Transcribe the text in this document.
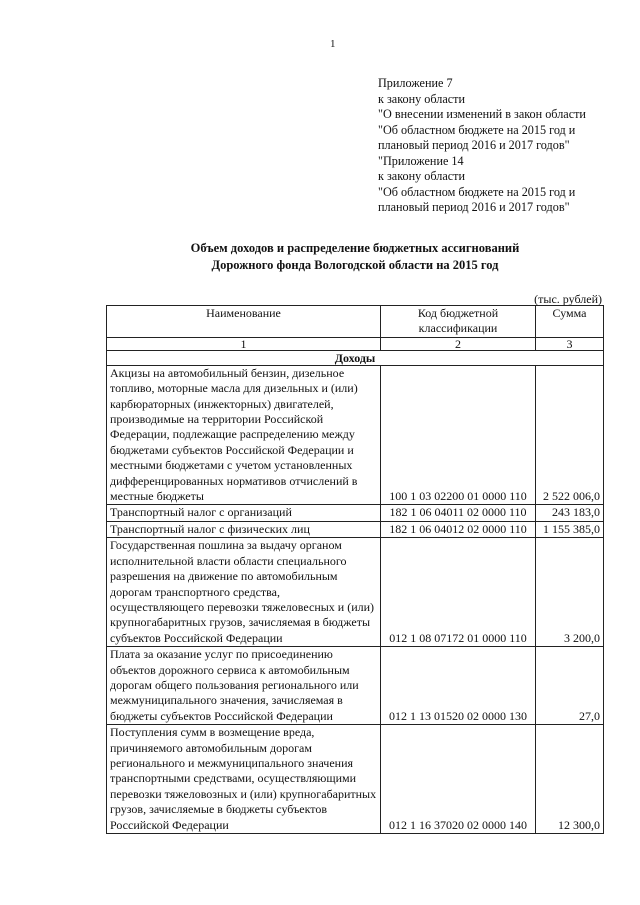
1
Приложение 7
к закону области
"О внесении изменений в закон области
"Об областном бюджете на 2015 год и
плановый период 2016 и 2017 годов"
"Приложение 14
к закону области
"Об областном бюджете на 2015 год и
плановый период 2016 и 2017 годов"
Объем доходов и распределение бюджетных ассигнований
Дорожного фонда Вологодской области на 2015 год
(тыс. рублей)
Наименование	Код бюджетной классификации	Сумма
1	2	3
Доходы		
Акцизы на автомобильный бензин, дизельное топливо, моторные масла для дизельных и (или) карбюраторных (инжекторных) двигателей, производимые на территории Российской Федерации, подлежащие распределению между бюджетами субъектов Российской Федерации и местными бюджетами с учетом установленных дифференцированных нормативов отчислений в местные бюджеты	100 1 03 02200 01 0000 110	2 522 006,0
Транспортный налог с организаций	182 1 06 04011 02 0000 110	243 183,0
Транспортный налог с физических лиц	182 1 06 04012 02 0000 110	1 155 385,0
Государственная пошлина за выдачу органом исполнительной власти области специального разрешения на движение по автомобильным дорогам транспортного средства, осуществляющего перевозки тяжеловесных и (или) крупногабаритных грузов, зачисляемая в бюджеты субъектов Российской Федерации	012 1 08 07172 01 0000 110	3 200,0
Плата за оказание услуг по присоединению объектов дорожного сервиса к автомобильным дорогам общего пользования регионального или межмуниципального значения, зачисляемая в бюджеты субъектов Российской Федерации	012 1 13 01520 02 0000 130	27,0
Поступления сумм в возмещение вреда, причиняемого автомобильным дорогам регионального и межмуниципального значения транспортными средствами, осуществляющими перевозки тяжеловозных и (или) крупногабаритных грузов, зачисляемые в бюджеты субъектов Российской Федерации	012 1 16 37020 02 0000 140	12 300,0
